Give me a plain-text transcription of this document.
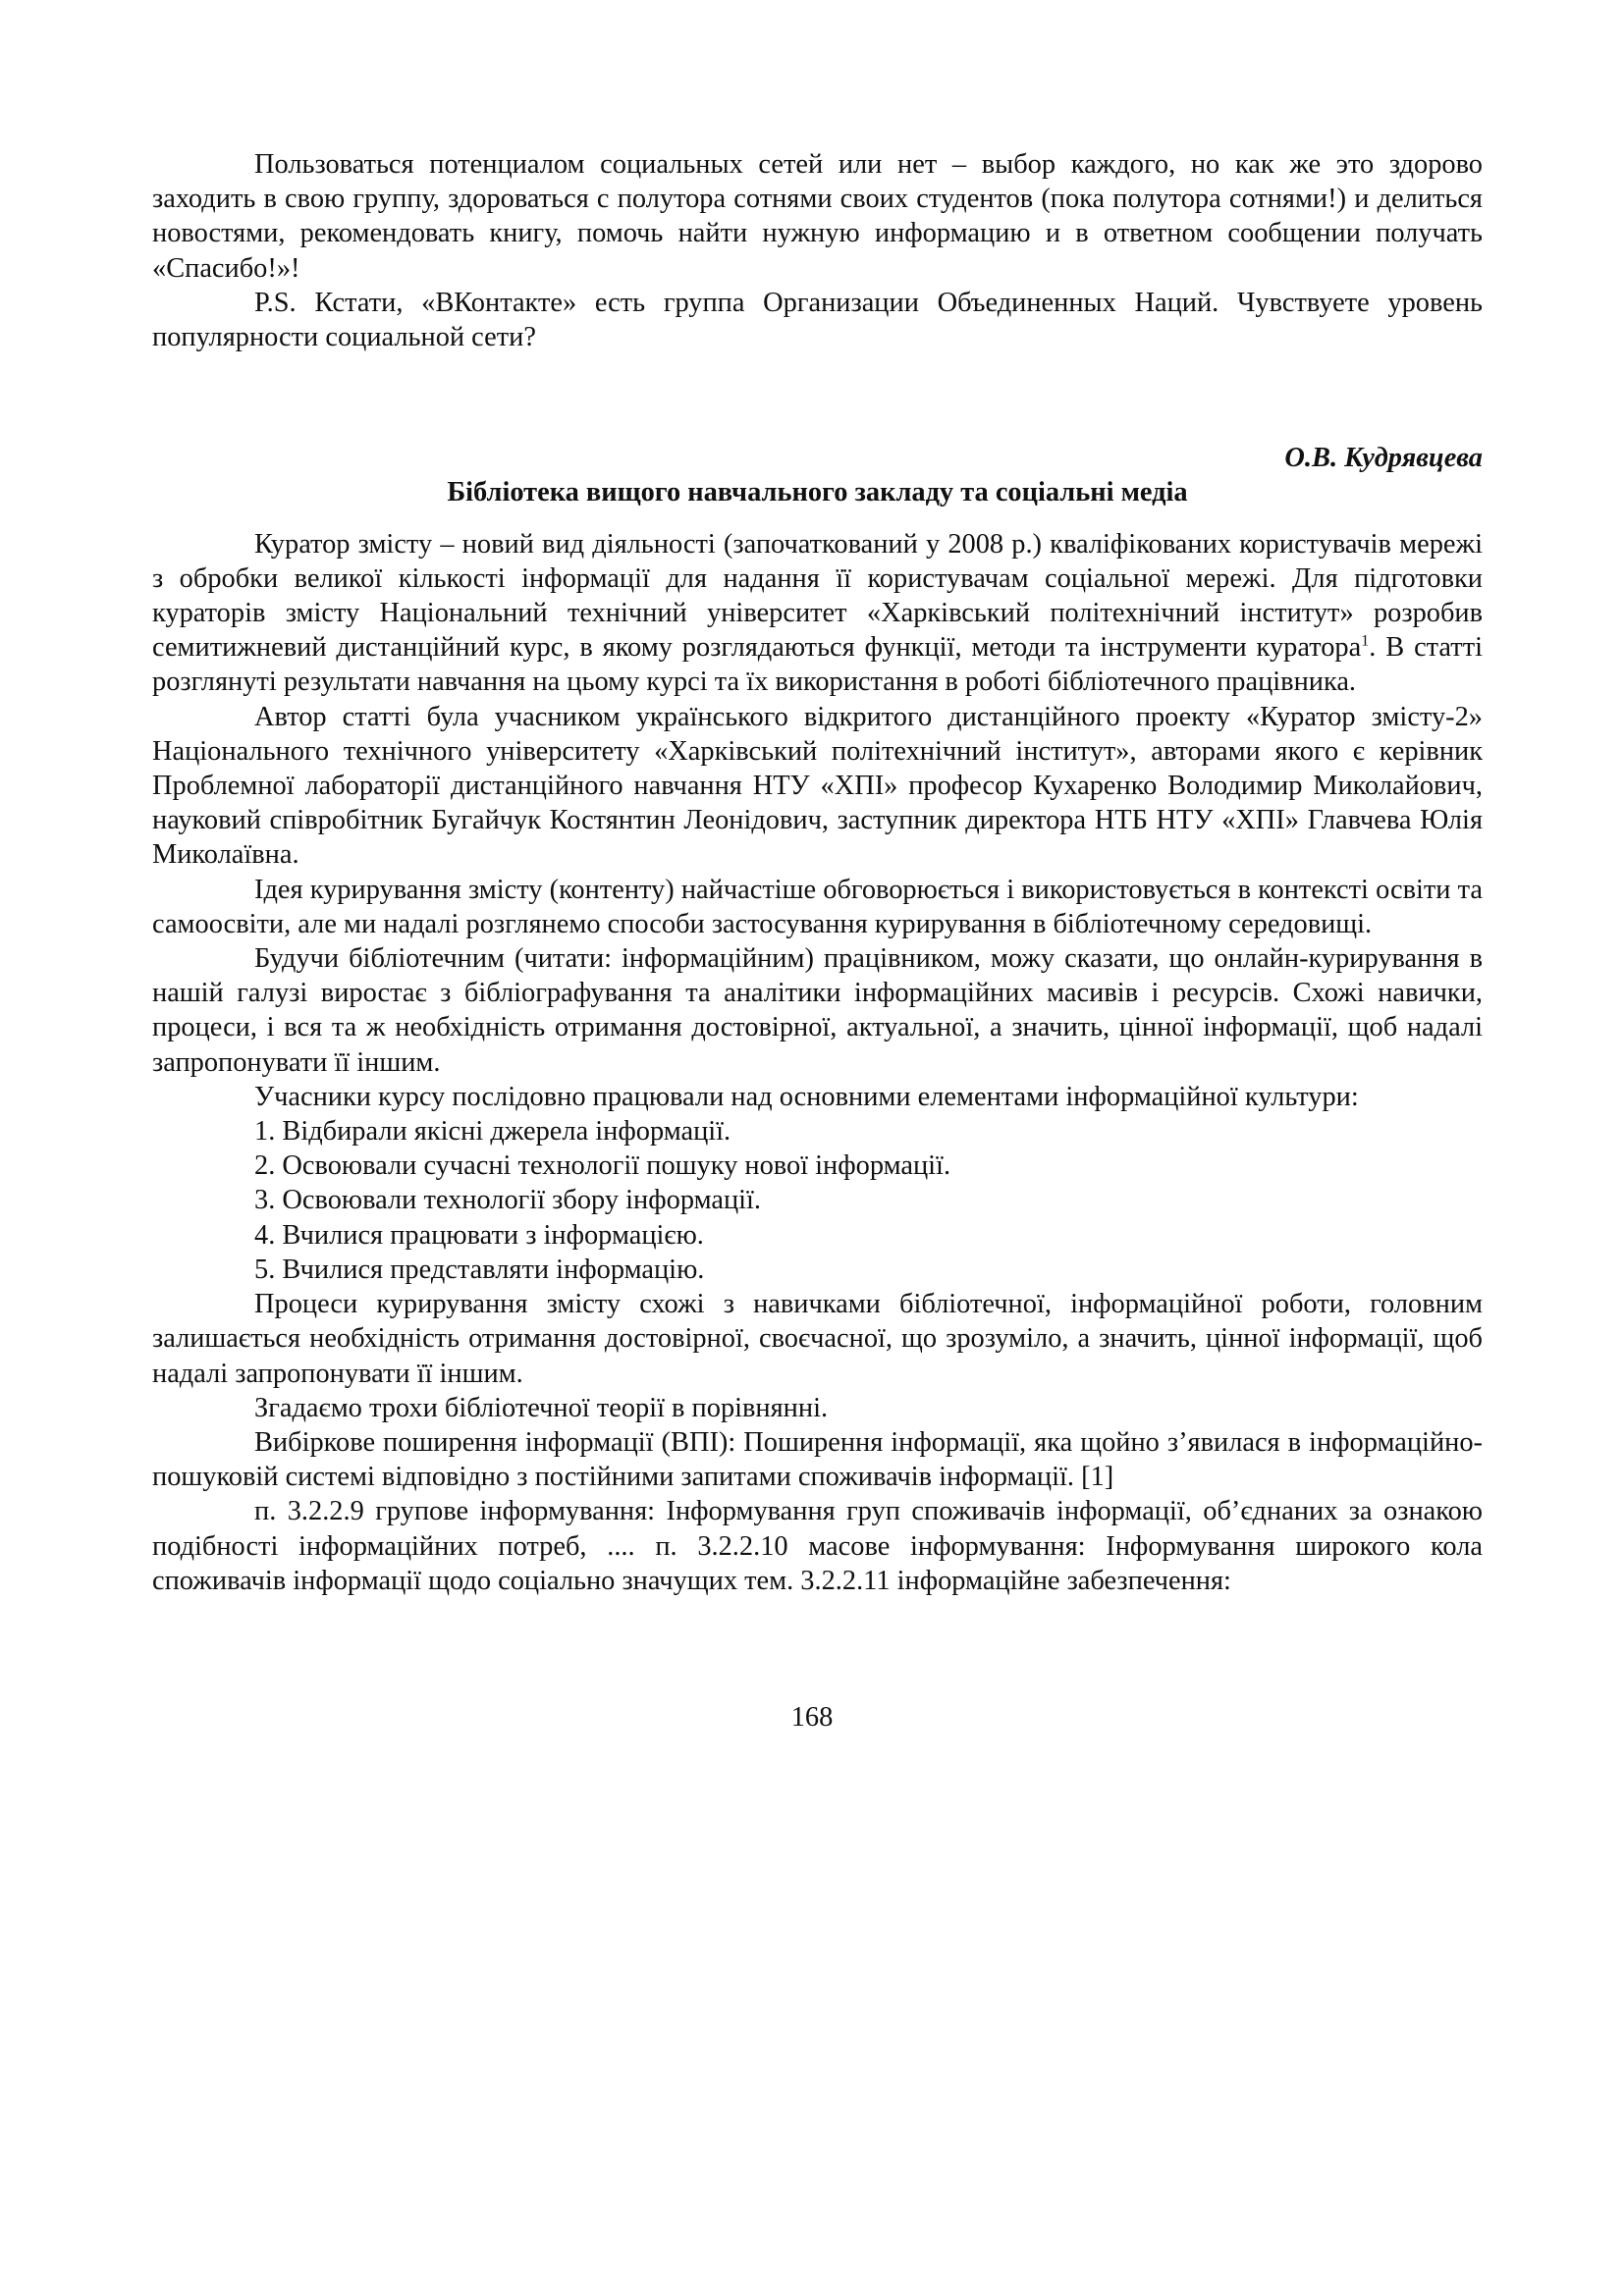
Пользоваться потенциалом социальных сетей или нет – выбор каждого, но как же это здорово заходить в свою группу, здороваться с полутора сотнями своих студентов (пока полутора сотнями!) и делиться новостями, рекомендовать книгу, помочь найти нужную информацию и в ответном сообщении получать «Спасибо!»!

P.S. Кстати, «ВКонтакте» есть группа Организации Объединенных Наций. Чувствуете уровень популярности социальной сети?

О.В. Кудрявцева
Бібліотека вищого навчального закладу та соціальні медіа

Куратор змісту – новий вид діяльності (започаткований у 2008 р.) кваліфікованих користувачів мережі з обробки великої кількості інформації для надання її користувачам соціальної мережі. Для підготовки кураторів змісту Національний технічний університет «Харківський політехнічний інститут» розробив семитижневий дистанційний курс, в якому розглядаються функції, методи та інструменти куратора$^1$. В статті розглянуті результати навчання на цьому курсі та їх використання в роботі бібліотечного працівника.

Автор статті була учасником українського відкритого дистанційного проекту «Куратор змісту-2» Національного технічного університету «Харківський політехнічний інститут», авторами якого є керівник Проблемної лабораторії дистанційного навчання НТУ «ХПІ» професор Кухаренко Володимир Миколайович, науковий співробітник Бугайчук Костянтин Леонідович, заступник директора НТБ НТУ «ХПІ» Главчева Юлія Миколаївна.

Ідея курирування змісту (контенту) найчастіше обговорюється і використовується в контексті освіти та самоосвіти, але ми надалі розглянемо способи застосування курирування в бібліотечному середовищі.

Будучи бібліотечним (читати: інформаційним) працівником, можу сказати, що онлайн-курирування в нашій галузі виростає з бібліографування та аналітики інформаційних масивів і ресурсів. Схожі навички, процеси, і вся та ж необхідність отримання достовірної, актуальної, а значить, цінної інформації, щоб надалі запропонувати її іншим.

Учасники курсу послідовно працювали над основними елементами інформаційної культури:

1. Відбирали якісні джерела інформації.

2. Освоювали сучасні технології пошуку нової інформації.

3. Освоювали технології збору інформації.

4. Вчилися працювати з інформацією.

5. Вчилися представляти інформацію.

Процеси курирування змісту схожі з навичками бібліотечної, інформаційної роботи, головним залишається необхідність отримання достовірної, своєчасної, що зрозуміло, а значить, цінної інформації, щоб надалі запропонувати її іншим.

Згадаємо трохи бібліотечної теорії в порівнянні.

Вибіркове поширення інформації (ВПІ): Поширення інформації, яка щойно з’явилася в інформаційно-пошуковій системі відповідно з постійними запитами споживачів інформації. [1]

п. 3.2.2.9 групове інформування: Інформування груп споживачів інформації, об’єднаних за ознакою подібності інформаційних потреб, .... п. 3.2.2.10 масове інформування: Інформування широкого кола споживачів інформації щодо соціально значущих тем. 3.2.2.11 інформаційне забезпечення:

168
